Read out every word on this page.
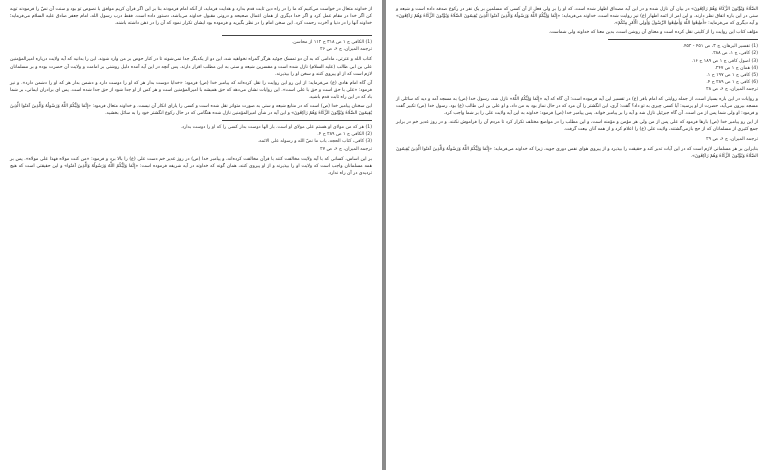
از خداوند متعال در خواست می‌کنیم که ما را در راه دین ثابت قدم بدارد و هدایت فرماید، از آنکه امام فرمودند بنا بر این اگر قرآن کریم موافق با نصوص تو بود و سنت آن نصّ را فرمودند توبه کن اگر خدا در مقام عمل کرد و اگر خدا دیگری از همان اعمال صحیحه و درونی مقبول خداوند می‌باشد، دستور داده است. فقط درب رسول الله، امام جعفر صادق علیه السلام می‌فرماید؛ خداوند آنها را در دنیا و آخرت رحمت کرد. این سخن امام را در نظر بگیرید و فرموده بود ایشان تکرار نمود که آن را در ذهن داشته باشند.

(1) الکافی ج ۱ ص ۳۱۸ ح ۱۱۲ از محاسن.

ترجمه المیزان، ج ۶، ص ۲۶

کتاب الله و عترتی، مادامی که به آن دو تمسک جوئید هرگز گمراه نخواهید شد، این دو از یکدیگر جدا نمی‌شوند تا در کنار حوض بر من وارد شوند. این را بدانید که آیه ولایت درباره امیرالمؤمنین علی بن ابی طالب (علیه السلام) نازل شده است و مفسرین شیعه و سنی به این مطلب اقرار دارند. پس آنچه در این آیه آمده دلیل روشنی بر امامت و ولایت آن حضرت بوده و بر مسلمانان لازم است که از او پیروی کنند و سخن او را بپذیرند.

آن گاه امام هادی (ع) می‌فرماید: از این رو این روایت را نقل کرده‌اند که پیامبر خدا (ص) فرمود: «خدایا دوست بدار هر که او را دوست دارد و دشمن بدار هر که او را دشمن دارد». و نیز فرمود: «علی با حق است و حق با علی است». این روایات نشان می‌دهد که حق همیشه با امیرالمؤمنین است و هر کس از او جدا شود از حق جدا شده است. پس ای برادران ایمانی، بر شما باد که در این راه ثابت قدم باشید.

این سخنان پیامبر خدا (ص) است که در منابع شیعه و سنی به صورت متواتر نقل شده است و کسی را یارای انکار آن نیست. و خداوند متعال فرمود: «إِنَّمَا وَلِيُّكُمُ اللَّهُ وَرَسُولُهُ وَالَّذِينَ آمَنُوا الَّذِينَ يُقِيمُونَ الصَّلَاةَ وَيُؤْتُونَ الزَّكَاةَ وَهُمْ رَاكِعُونَ» و این آیه در شأن امیرالمؤمنین نازل شده هنگامی که در حال رکوع انگشتر خود را به سائل بخشید.

(1) هر که من مولای او هستم علی مولای او است. بار الها دوست بدار کسی را که او را دوست بدارد.

(2) الکافی ج ۱ ص ۲۸۹ ح ۴.

(3) کافی، کتاب الحجه، باب ما نصّ الله و رسوله علی الائمه.

ترجمه المیزان، ج ۶، ص ۲۷

بر این اساس، کسانی که با آیه ولایت مخالفت کنند با قرآن مخالفت کرده‌اند، و پیامبر خدا (ص) در روز غدیر خم دست علی (ع) را بالا برد و فرمود: «من کنت مولاه فهذا علی مولاه». پس بر همه مسلمانان واجب است که ولایت او را بپذیرند و از او پیروی کنند، همان گونه که خداوند در آیه شریفه فرموده است: «إِنَّمَا وَلِيُّكُمُ اللَّهُ وَرَسُولُهُ وَالَّذِينَ آمَنُوا» و این حقیقتی است که هیچ تردیدی در آن راه ندارد.

الصَّلَاةَ وَيُؤْتُونَ الزَّكَاةَ وَهُمْ رَاكِعُونَ» در بیان آن نازل شده و در این آیه مصداق اظهار شده است، که او را بر ولی فعل از آن کسی که مسلمین بر یک نفر در رکوع صدقه داده است و شیعه و سنی در این باره اتفاق نظر دارند. و این امر از ائمه اطهار (ع) نیز روایت شده است، خداوند می‌فرماید: «إِنَّمَا وَلِيُّكُمُ اللَّهُ وَرَسُولُهُ وَالَّذِينَ آمَنُوا الَّذِينَ يُقِيمُونَ الصَّلَاةَ وَيُؤْتُونَ الزَّكَاةَ وَهُمْ رَاكِعُونَ» و آیه دیگری که می‌فرماید: «أَطِيعُوا اللَّهَ وَأَطِيعُوا الرَّسُولَ وَأُولِي الْأَمْرِ مِنْكُمْ».

مؤلف کتاب این روایت را از کلینی نقل کرده است و معنای آن روشن است، بدین معنا که خداوند ولی شماست.

(1) تفسیر البرهان، ج ۳، ص ۴۵۱ - ۴۵۲.

(2) کافی، ج ۱، ص ۲۸۸.

(3) اصول کافی ج ۱ ص ۱۸۹ ح ۱۶.

(4) همان ج ۱ ص ۲۴۷.

(5) کافی ج ۱ ص ۱۹۷ ح ۱.

(6) کافی ج ۱ ص ۲۸۹ ح ۴.

ترجمه المیزان، ج ۶، ص ۲۸

و روایات در این باره بسیار است، از جمله روایتی که امام باقر (ع) در تفسیر این آیه فرموده است: آن گاه که آیه «إِنَّمَا وَلِيُّكُمُ اللَّهُ» نازل شد، رسول خدا (ص) به مسجد آمد و دید که سائلی از مسجد بیرون می‌آید، حضرت از او پرسید: آیا کسی چیزی به تو داد؟ گفت: آری، این انگشتر را آن مرد که در حال نماز بود به من داد، و او علی بن ابی طالب (ع) بود. رسول خدا (ص) تکبیر گفت و فرمود: او ولی شما پس از من است. آن گاه جبرئیل نازل شد و آیه را بر پیامبر خواند. پس پیامبر خدا (ص) فرمود: خداوند به این آیه ولایت علی را بر شما واجب کرد.

از این رو پیامبر خدا (ص) بارها فرمود که علی پس از من ولی هر مؤمن و مؤمنه است، و این مطلب را در مواضع مختلف تکرار کرد تا مردم آن را فراموش نکنند. و در روز غدیر خم در برابر جمع کثیری از مسلمانان که از حج بازمی‌گشتند، ولایت علی (ع) را اعلام کرد و از همه آنان بیعت گرفت.

ترجمه المیزان، ج ۶، ص ۲۹

بنابراین بر هر مسلمانی لازم است که در این آیات تدبر کند و حقیقت را بپذیرد و از پیروی هوای نفس دوری جوید، زیرا که خداوند می‌فرماید: «إِنَّمَا وَلِيُّكُمُ اللَّهُ وَرَسُولُهُ وَالَّذِينَ آمَنُوا الَّذِينَ يُقِيمُونَ الصَّلَاةَ وَيُؤْتُونَ الزَّكَاةَ وَهُمْ رَاكِعُونَ».
